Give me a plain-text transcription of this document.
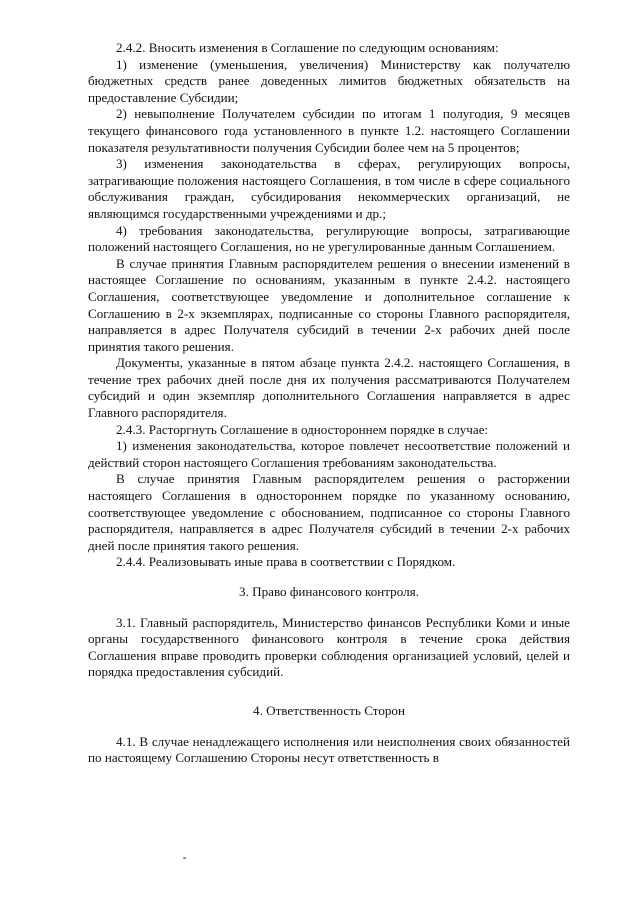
2.4.2. Вносить изменения в Соглашение по следующим основаниям:

1) изменение (уменьшения, увеличения) Министерству как получателю бюджетных средств ранее доведенных лимитов бюджетных обязательств на предоставление Субсидии;

2) невыполнение Получателем субсидии по итогам 1 полугодия, 9 месяцев текущего финансового года установленного в пункте 1.2. настоящего Соглашении показателя результативности получения Субсидии более чем на 5 процентов;

3) изменения законодательства в сферах, регулирующих вопросы, затрагивающие положения настоящего Соглашения, в том числе в сфере социального обслуживания граждан, субсидирования некоммерческих организаций, не являющимся государственными учреждениями и др.;

4) требования законодательства, регулирующие вопросы, затрагивающие положений настоящего Соглашения, но не урегулированные данным Соглашением.

В случае принятия Главным распорядителем решения о внесении изменений в настоящее Соглашение по основаниям, указанным в пункте 2.4.2. настоящего Соглашения, соответствующее уведомление и дополнительное соглашение к Соглашению в 2-х экземплярах, подписанные со стороны Главного распорядителя, направляется в адрес Получателя субсидий в течении 2-х рабочих дней после принятия такого решения.

Документы, указанные в пятом абзаце пункта 2.4.2. настоящего Соглашения, в течение трех рабочих дней после дня их получения рассматриваются Получателем субсидий и один экземпляр дополнительного Соглашения направляется в адрес Главного распорядителя.

2.4.3. Расторгнуть Соглашение в одностороннем порядке в случае:

1) изменения законодательства, которое повлечет несоответствие положений и действий сторон настоящего Соглашения требованиям законодательства.

В случае принятия Главным распорядителем решения о расторжении настоящего Соглашения в одностороннем порядке по указанному основанию, соответствующее уведомление с обоснованием, подписанное со стороны Главного распорядителя, направляется в адрес Получателя субсидий в течении 2-х рабочих дней после принятия такого решения.

2.4.4. Реализовывать иные права в соответствии с Порядком.

3. Право финансового контроля.

3.1. Главный распорядитель, Министерство финансов Республики Коми и иные органы государственного финансового контроля в течение срока действия Соглашения вправе проводить проверки соблюдения организацией условий, целей и порядка предоставления субсидий.

4. Ответственность Сторон

4.1. В случае ненадлежащего исполнения или неисполнения своих обязанностей по настоящему Соглашению Стороны несут ответственность в
